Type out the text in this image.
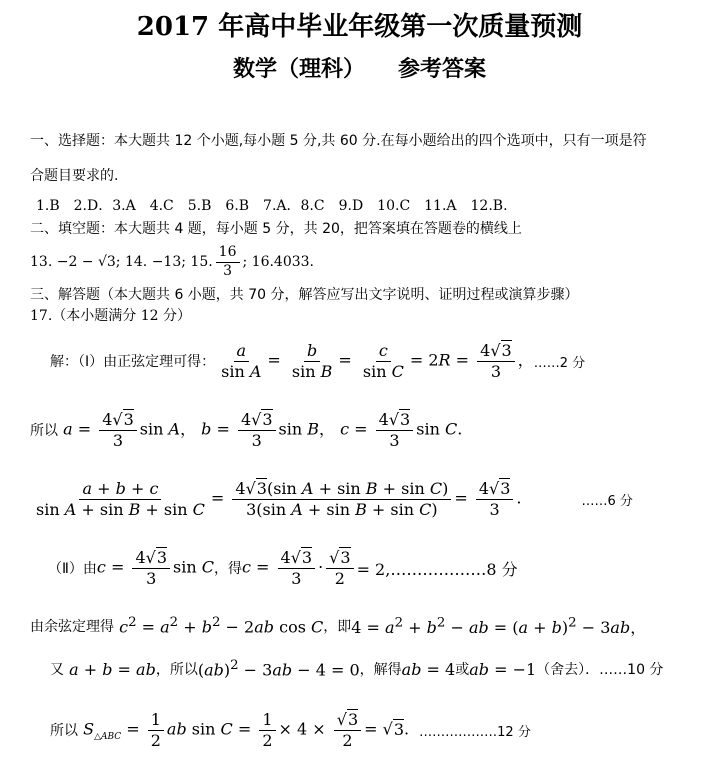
2017 年高中毕业年级第一次质量预测
数学（理科）　　参考答案
一、选择题：本大题共 12 个小题,每小题 5 分,共 60 分.在每小题给出的四个选项中，只有一项是符
合题目要求的.
1.B　2.D．3.A　4.C　5.B　6.B　7.A．8.C　9.D　10.C　11.A　12.B.
二、填空题：本大题共 4 题，每小题 5 分，共 20，把答案填在答题卷的横线上
13. −2 − √3; 14. −13; 15. $\frac{16}{3}$ ; 16.4033.
三、解答题（本大题共 6 小题，共 70 分，解答应写出文字说明、证明过程或演算步骤）
17.（本小题满分 12 分）
解：（Ⅰ）由正弦定理可得： $\frac{a}{\text{sin A}} = \frac{b}{\text{sin B}} = \frac{c}{\text{sin C}} = 2R = \frac{4√3}{3}$ ， ……2 分
所以 $a = \frac{4√3}{3}$ sin A， $b = \frac{4√3}{3}$ sin B， $c = \frac{4√3}{3}$ sin C.
$\frac{a + b + c}{\text{sin A + sin B + sin C}} = \frac{\text{4√3(sin A + sin B + sin C)}}{\text{3(sin A + sin B + sin C)}} = \frac{4√3}{3}$ .	……6 分
（Ⅱ）由 $c = \frac{4√3}{3}$ sin C ，得 $c = \frac{4√3}{3} \cdot \frac{√3}{2}$ = 2,………………8 分
由余弦定理得 $c^2 = a^2 + b^2 - 2ab$ cos C ，即 $4 = a^2 + b^2$ − ab = $(a + b)^2 - 3ab$，
又 a + b = ab ，所以 (ab)$^2$ − 3ab − 4 = 0 ，解得 ab = 4 或 ab = −1 （舍去）．……10 分
所以 $S_{\triangle ABC} = \frac{1}{2}$ ab $\sin C = \frac{1}{2} \times 4 \times \frac{√3}{2} = √3$. ………………12 分
